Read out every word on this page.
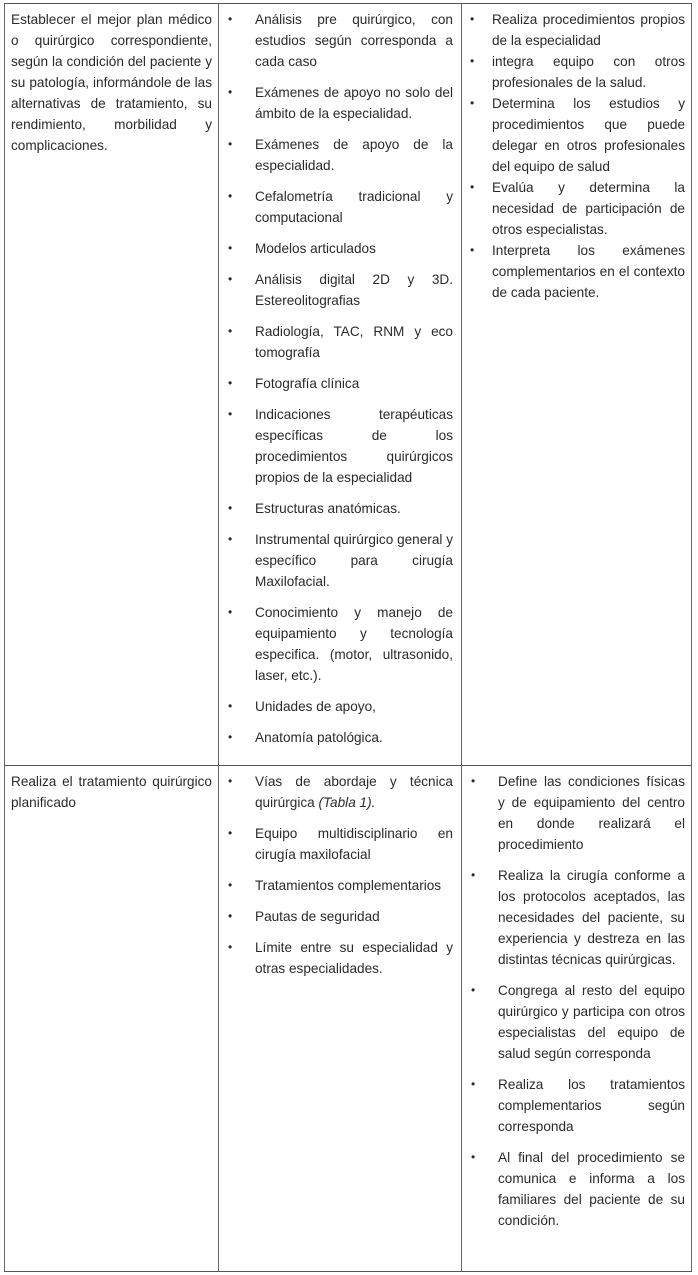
Establecer el mejor plan médico o quirúrgico correspondiente, según la condición del paciente y su patología, informándole de las alternativas de tratamiento, su rendimiento, morbilidad y complicaciones.

• Análisis pre quirúrgico, con estudios según corresponda a cada caso
• Exámenes de apoyo no solo del ámbito de la especialidad.
• Exámenes de apoyo de la especialidad.
• Cefalometría tradicional y computacional
• Modelos articulados
• Análisis digital 2D y 3D. Estereolitografias
• Radiología, TAC, RNM y eco tomografía
• Fotografía clínica
• Indicaciones terapéuticas específicas de los procedimientos quirúrgicos propios de la especialidad
• Estructuras anatómicas.
• Instrumental quirúrgico general y específico para cirugía Maxilofacial.
• Conocimiento y manejo de equipamiento y tecnología especifica. (motor, ultrasonido, laser, etc.).
• Unidades de apoyo,
• Anatomía patológica.
• Realiza procedimientos propios de la especialidad
• integra equipo con otros profesionales de la salud.
• Determina los estudios y procedimientos que puede delegar en otros profesionales del equipo de salud
• Evalúa y determina la necesidad de participación de otros especialistas.
• Interpreta los exámenes complementarios en el contexto de cada paciente.

Realiza el tratamiento quirúrgico planificado

• Vías de abordaje y técnica quirúrgica (Tabla 1).
• Equipo multidisciplinario en cirugía maxilofacial
• Tratamientos complementarios
• Pautas de seguridad
• Límite entre su especialidad y otras especialidades.
• Define las condiciones físicas y de equipamiento del centro en donde realizará el procedimiento
• Realiza la cirugía conforme a los protocolos aceptados, las necesidades del paciente, su experiencia y destreza en las distintas técnicas quirúrgicas.
• Congrega al resto del equipo quirúrgico y participa con otros especialistas del equipo de salud según corresponda
• Realiza los tratamientos complementarios según corresponda
• Al final del procedimiento se comunica e informa a los familiares del paciente de su condición.
